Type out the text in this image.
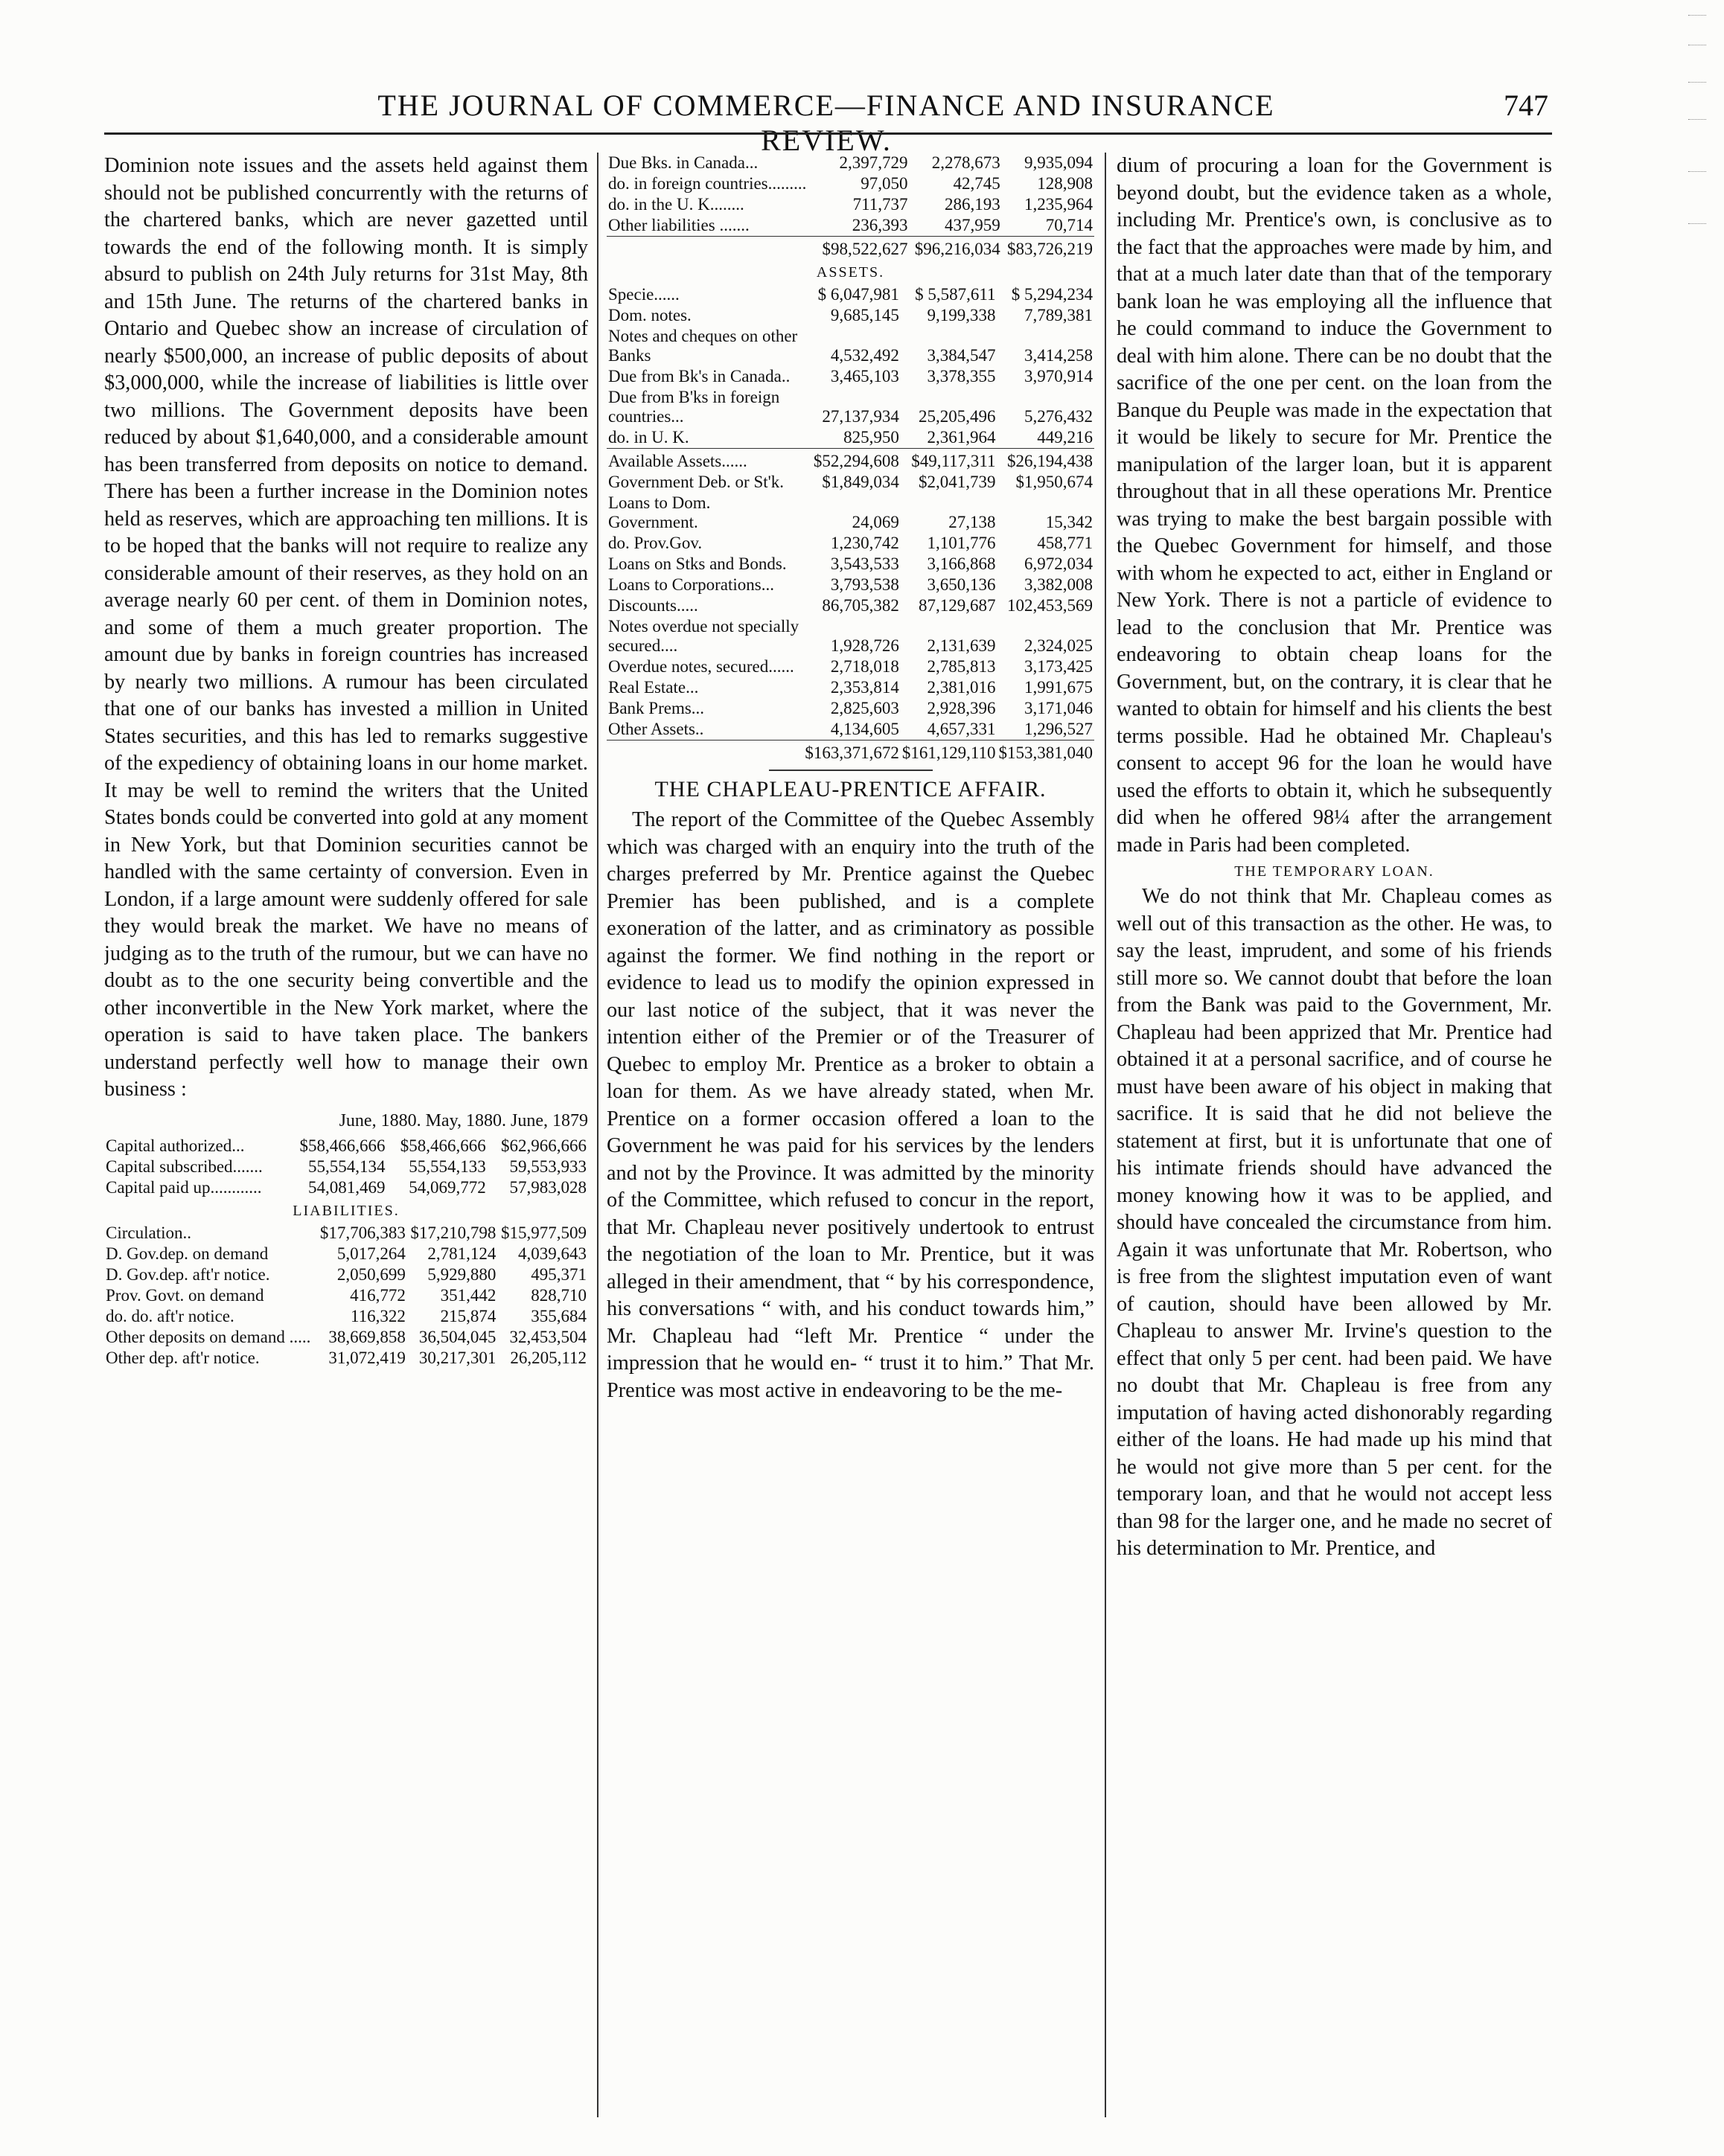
THE JOURNAL OF COMMERCE—FINANCE AND INSURANCE REVIEW.
747

Dominion note issues and the assets held against them should not be published concurrently with the returns of the chartered banks, which are never gazetted until towards the end of the following month. It is simply absurd to publish on 24th July returns for 31st May, 8th and 15th June. The returns of the chartered banks in Ontario and Quebec show an increase of circulation of nearly $500,000, an increase of public deposits of about $3,000,000, while the increase of liabilities is little over two millions. The Government deposits have been reduced by about $1,640,000, and a considerable amount has been transferred from deposits on notice to demand. There has been a further increase in the Dominion notes held as reserves, which are approaching ten millions. It is to be hoped that the banks will not require to realize any considerable amount of their reserves, as they hold on an average nearly 60 per cent. of them in Dominion notes, and some of them a much greater proportion. The amount due by banks in foreign countries has increased by nearly two millions. A rumour has been circulated that one of our banks has invested a million in United States securities, and this has led to remarks suggestive of the expediency of obtaining loans in our home market. It may be well to remind the writers that the United States bonds could be converted into gold at any moment in New York, but that Dominion securities cannot be handled with the same certainty of conversion. Even in London, if a large amount were suddenly offered for sale they would break the market. We have no means of judging as to the truth of the rumour, but we can have no doubt as to the one security being convertible and the other inconvertible in the New York market, where the operation is said to have taken place. The bankers understand perfectly well how to manage their own business :

June, 1880. May, 1880. June, 1879
Capital authorized...	$58,466,666	$58,466,666	$62,966,666
Capital subscribed.......	55,554,134	55,554,133	59,553,933
Capital paid up............	54,081,469	54,069,772	57,983,028
LIABILITIES.
Circulation..	$17,706,383	$17,210,798	$15,977,509
D. Gov.dep. on demand	5,017,264	2,781,124	4,039,643
D. Gov.dep. aft'r notice.	2,050,699	5,929,880	495,371
Prov. Govt. on demand	416,772	351,442	828,710
do. do. aft'r notice.	116,322	215,874	355,684
Other deposits on demand .....	38,669,858	36,504,045	32,453,504
Other dep. aft'r notice.	31,072,419	30,217,301	26,205,112
Due Bks. in Canada...	2,397,729	2,278,673	9,935,094
do. in foreign countries.........	97,050	42,745	128,908
do. in the U. K........	711,737	286,193	1,235,964
Other liabilities .......	236,393	437,959	70,714
	$98,522,627	$96,216,034	$83,726,219
ASSETS.
Specie......	$ 6,047,981	$ 5,587,611	$ 5,294,234
Dom. notes.	9,685,145	9,199,338	7,789,381
Notes and cheques on other Banks	4,532,492	3,384,547	3,414,258
Due from Bk's in Canada..	3,465,103	3,378,355	3,970,914
Due from B'ks in foreign countries...	27,137,934	25,205,496	5,276,432
do. in U. K.	825,950	2,361,964	449,216
Available Assets......	$52,294,608	$49,117,311	$26,194,438
Government Deb. or St'k.	$1,849,034	$2,041,739	$1,950,674
Loans to Dom. Government.	24,069	27,138	15,342
do. Prov.Gov.	1,230,742	1,101,776	458,771
Loans on Stks and Bonds.	3,543,533	3,166,868	6,972,034
Loans to Corporations...	3,793,538	3,650,136	3,382,008
Discounts.....	86,705,382	87,129,687	102,453,569
Notes overdue not specially secured....	1,928,726	2,131,639	2,324,025
Overdue notes, secured......	2,718,018	2,785,813	3,173,425
Real Estate...	2,353,814	2,381,016	1,991,675
Bank Prems...	2,825,603	2,928,396	3,171,046
Other Assets..	4,134,605	4,657,331	1,296,527
	$163,371,672	$161,129,110	$153,381,040
THE CHAPLEAU-PRENTICE AFFAIR.

The report of the Committee of the Quebec Assembly which was charged with an enquiry into the truth of the charges preferred by Mr. Prentice against the Quebec Premier has been published, and is a complete exoneration of the latter, and as criminatory as possible against the former. We find nothing in the report or evidence to lead us to modify the opinion expressed in our last notice of the subject, that it was never the intention either of the Premier or of the Treasurer of Quebec to employ Mr. Prentice as a broker to obtain a loan for them. As we have already stated, when Mr. Prentice on a former occasion offered a loan to the Government he was paid for his services by the lenders and not by the Province. It was admitted by the minority of the Committee, which refused to concur in the report, that Mr. Chapleau never positively undertook to entrust the negotiation of the loan to Mr. Prentice, but it was alleged in their amendment, that “ by his correspondence, his conversations “ with, and his conduct towards him,” Mr. Chapleau had “left Mr. Prentice “ under the impression that he would en- “ trust it to him.” That Mr. Prentice was most active in endeavoring to be the me-

dium of procuring a loan for the Government is beyond doubt, but the evidence taken as a whole, including Mr. Prentice's own, is conclusive as to the fact that the approaches were made by him, and that at a much later date than that of the temporary bank loan he was employing all the influence that he could command to induce the Government to deal with him alone. There can be no doubt that the sacrifice of the one per cent. on the loan from the Banque du Peuple was made in the expectation that it would be likely to secure for Mr. Prentice the manipulation of the larger loan, but it is apparent throughout that in all these operations Mr. Prentice was trying to make the best bargain possible with the Quebec Government for himself, and those with whom he expected to act, either in England or New York. There is not a particle of evidence to lead to the conclusion that Mr. Prentice was endeavoring to obtain cheap loans for the Government, but, on the contrary, it is clear that he wanted to obtain for himself and his clients the best terms possible. Had he obtained Mr. Chapleau's consent to accept 96 for the loan he would have used the efforts to obtain it, which he subsequently did when he offered 98¼ after the arrangement made in Paris had been completed.

THE TEMPORARY LOAN.

We do not think that Mr. Chapleau comes as well out of this transaction as the other. He was, to say the least, imprudent, and some of his friends still more so. We cannot doubt that before the loan from the Bank was paid to the Government, Mr. Chapleau had been apprized that Mr. Prentice had obtained it at a personal sacrifice, and of course he must have been aware of his object in making that sacrifice. It is said that he did not believe the statement at first, but it is unfortunate that one of his intimate friends should have advanced the money knowing how it was to be applied, and should have concealed the circumstance from him. Again it was unfortunate that Mr. Robertson, who is free from the slightest imputation even of want of caution, should have been allowed by Mr. Chapleau to answer Mr. Irvine's question to the effect that only 5 per cent. had been paid. We have no doubt that Mr. Chapleau is free from any imputation of having acted dishonorably regarding either of the loans. He had made up his mind that he would not give more than 5 per cent. for the temporary loan, and that he would not accept less than 98 for the larger one, and he made no secret of his determination to Mr. Prentice, and
